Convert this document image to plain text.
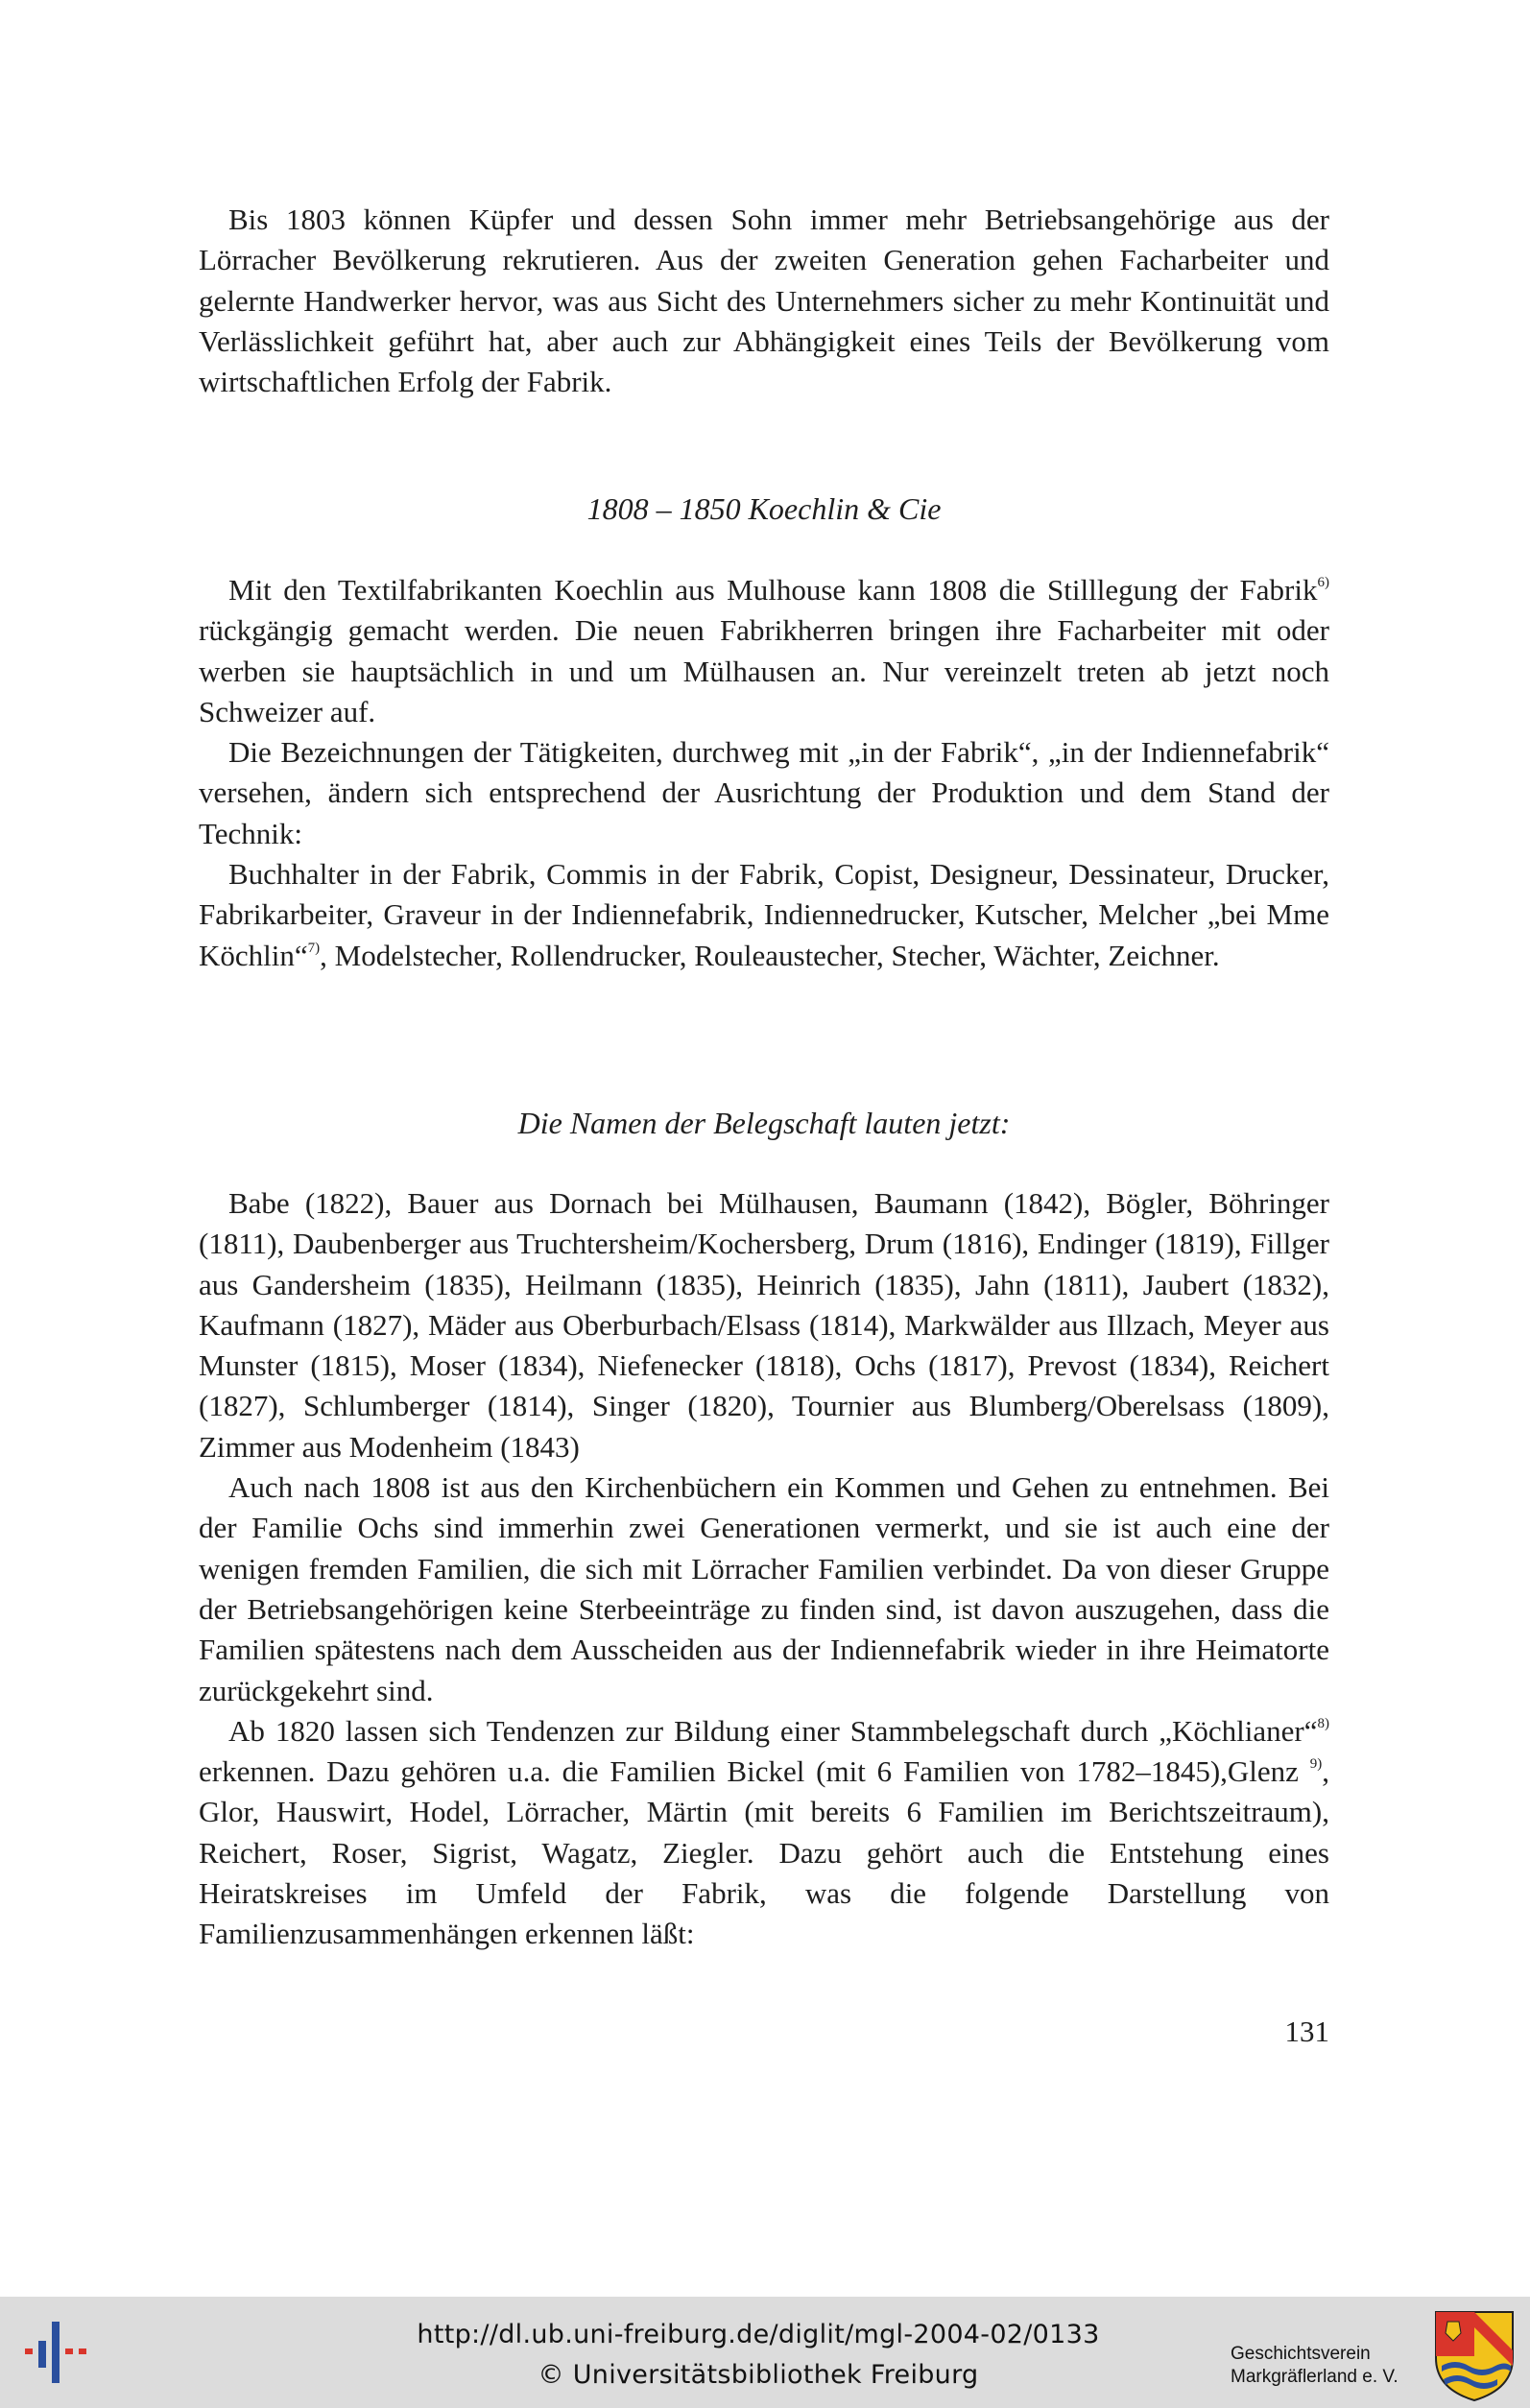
Bis 1803 können Küpfer und dessen Sohn immer mehr Betriebsangehörige aus der Lörracher Bevölkerung rekrutieren. Aus der zweiten Generation gehen Facharbeiter und gelernte Handwerker hervor, was aus Sicht des Unternehmers sicher zu mehr Kontinuität und Verlässlichkeit geführt hat, aber auch zur Abhängigkeit eines Teils der Bevölkerung vom wirtschaftlichen Erfolg der Fabrik.

1808 – 1850 Koechlin & Cie

Mit den Textilfabrikanten Koechlin aus Mulhouse kann 1808 die Stilllegung der Fabrik$^{6)}$ rückgängig gemacht werden. Die neuen Fabrikherren bringen ihre Facharbeiter mit oder werben sie hauptsächlich in und um Mülhausen an. Nur vereinzelt treten ab jetzt noch Schweizer auf.

Die Bezeichnungen der Tätigkeiten, durchweg mit „in der Fabrik“, „in der Indiennefabrik“ versehen, ändern sich entsprechend der Ausrichtung der Produktion und dem Stand der Technik:

Buchhalter in der Fabrik, Commis in der Fabrik, Copist, Designeur, Dessinateur, Drucker, Fabrikarbeiter, Graveur in der Indiennefabrik, Indiennedrucker, Kutscher, Melcher „bei Mme Köchlin“$^{7)}$, Modelstecher, Rollendrucker, Rouleaustecher, Stecher, Wächter, Zeichner.

Die Namen der Belegschaft lauten jetzt:

Babe (1822), Bauer aus Dornach bei Mülhausen, Baumann (1842), Bögler, Böhringer (1811), Daubenberger aus Truchtersheim/Kochersberg, Drum (1816), Endinger (1819), Fillger aus Gandersheim (1835), Heilmann (1835), Heinrich (1835), Jahn (1811), Jaubert (1832), Kaufmann (1827), Mäder aus Oberburbach/Elsass (1814), Markwälder aus Illzach, Meyer aus Munster (1815), Moser (1834), Niefenecker (1818), Ochs (1817), Prevost (1834), Reichert (1827), Schlumberger (1814), Singer (1820), Tournier aus Blumberg/Oberelsass (1809), Zimmer aus Modenheim (1843)

Auch nach 1808 ist aus den Kirchenbüchern ein Kommen und Gehen zu entnehmen. Bei der Familie Ochs sind immerhin zwei Generationen vermerkt, und sie ist auch eine der wenigen fremden Familien, die sich mit Lörracher Familien verbindet. Da von dieser Gruppe der Betriebsangehörigen keine Sterbeeinträge zu finden sind, ist davon auszugehen, dass die Familien spätestens nach dem Ausscheiden aus der Indiennefabrik wieder in ihre Heimatorte zurückgekehrt sind.

Ab 1820 lassen sich Tendenzen zur Bildung einer Stammbelegschaft durch „Köchlianer“$^{8)}$ erkennen. Dazu gehören u.a. die Familien Bickel (mit 6 Familien von 1782–1845),Glenz $^{9)}$, Glor, Hauswirt, Hodel, Lörracher, Märtin (mit bereits 6 Familien im Berichtszeitraum), Reichert, Roser, Sigrist, Wagatz, Ziegler. Dazu gehört auch die Entstehung eines Heiratskreises im Umfeld der Fabrik, was die folgende Darstellung von Familienzusammenhängen erkennen läßt:

131
http://dl.ub.uni-freiburg.de/diglit/mgl-2004-02/0133
© Universitätsbibliothek Freiburg
Geschichtsverein
Markgräflerland e. V.
